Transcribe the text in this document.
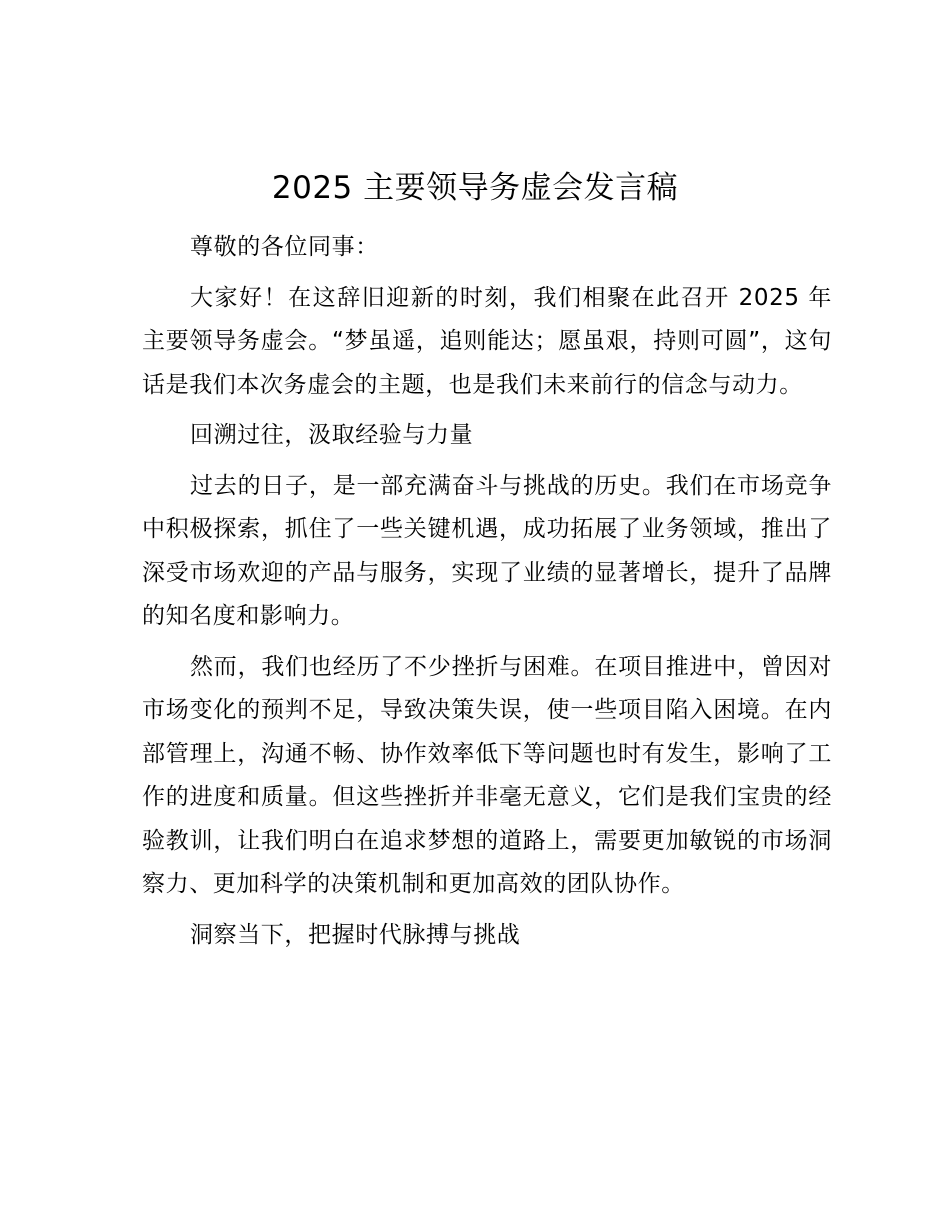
2025 主要领导务虚会发言稿

尊敬的各位同事：

大家好！在这辞旧迎新的时刻，我们相聚在此召开 2025 年主要领导务虚会。“梦虽遥，追则能达；愿虽艰，持则可圆”，这句话是我们本次务虚会的主题，也是我们未来前行的信念与动力。

回溯过往，汲取经验与力量

过去的日子，是一部充满奋斗与挑战的历史。我们在市场竞争中积极探索，抓住了一些关键机遇，成功拓展了业务领域，推出了深受市场欢迎的产品与服务，实现了业绩的显著增长，提升了品牌的知名度和影响力。

然而，我们也经历了不少挫折与困难。在项目推进中，曾因对市场变化的预判不足，导致决策失误，使一些项目陷入困境。在内部管理上，沟通不畅、协作效率低下等问题也时有发生，影响了工作的进度和质量。但这些挫折并非毫无意义，它们是我们宝贵的经验教训，让我们明白在追求梦想的道路上，需要更加敏锐的市场洞察力、更加科学的决策机制和更加高效的团队协作。

洞察当下，把握时代脉搏与挑战
